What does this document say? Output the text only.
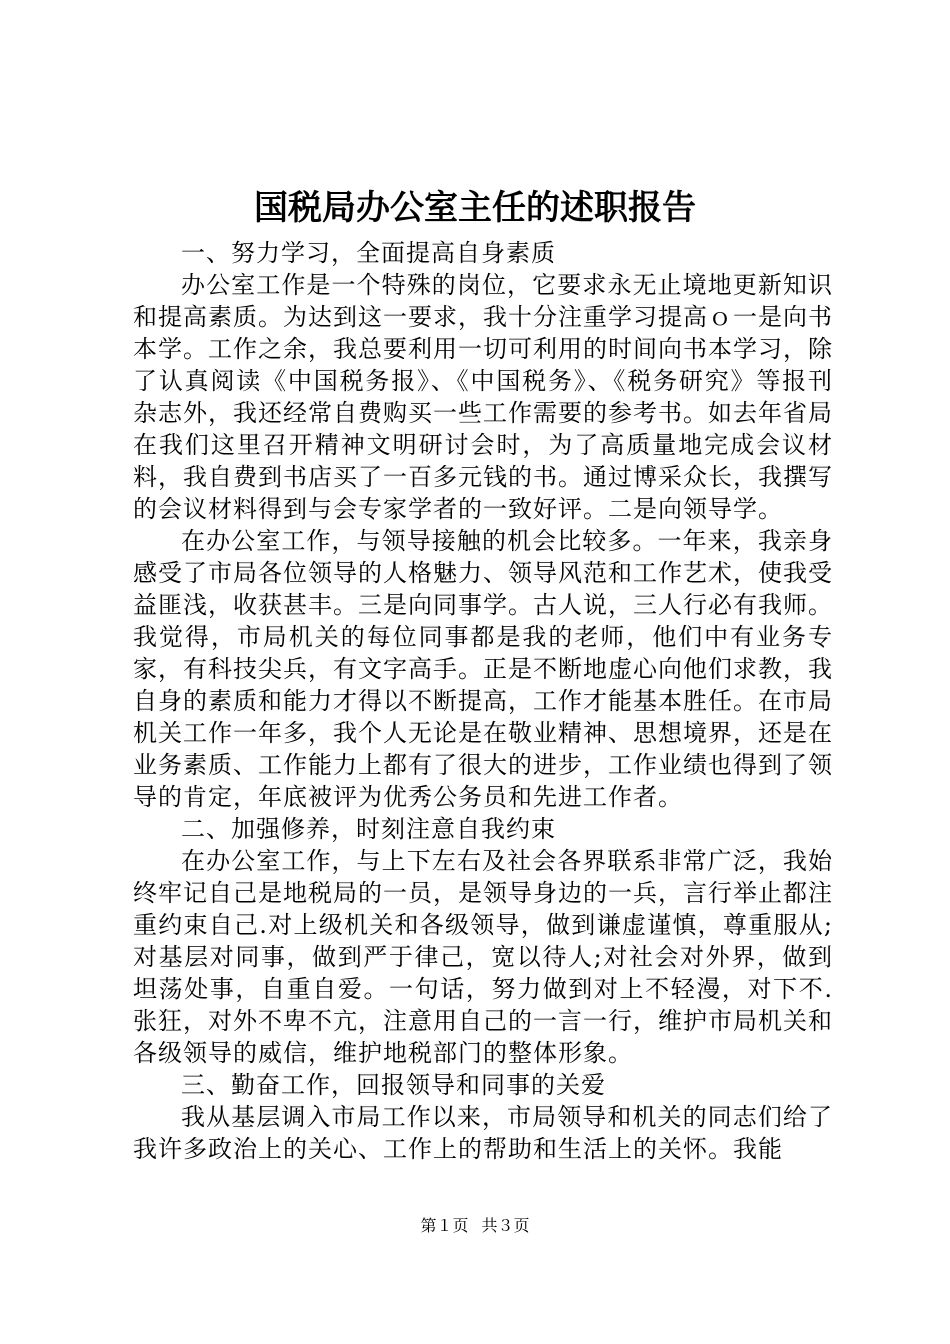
国税局办公室主任的述职报告

一、努力学习，全面提高自身素质

办公室工作是一个特殊的岗位，它要求永无止境地更新知识和提高素质。为达到这一要求，我十分注重学习提高ｏ一是向书本学。工作之余，我总要利用一切可利用的时间向书本学习，除了认真阅读《中国税务报》、《中国税务》、《税务研究》等报刊杂志外，我还经常自费购买一些工作需要的参考书。如去年省局在我们这里召开精神文明研讨会时，为了高质量地完成会议材料，我自费到书店买了一百多元钱的书。通过博采众长，我撰写的会议材料得到与会专家学者的一致好评。二是向领导学。

在办公室工作，与领导接触的机会比较多。一年来，我亲身感受了市局各位领导的人格魅力、领导风范和工作艺术，使我受益匪浅，收获甚丰。三是向同事学。古人说，三人行必有我师。我觉得，市局机关的每位同事都是我的老师，他们中有业务专家，有科技尖兵，有文字高手。正是不断地虚心向他们求教，我自身的素质和能力才得以不断提高，工作才能基本胜任。在市局机关工作一年多，我个人无论是在敬业精神、思想境界，还是在业务素质、工作能力上都有了很大的进步，工作业绩也得到了领导的肯定，年底被评为优秀公务员和先进工作者。

二、加强修养，时刻注意自我约束

在办公室工作，与上下左右及社会各界联系非常广泛，我始终牢记自己是地税局的一员，是领导身边的一兵，言行举止都注重约束自己.对上级机关和各级领导，做到谦虚谨慎，尊重服从;对基层对同事，做到严于律己，宽以待人;对社会对外界，做到坦荡处事，自重自爱。一句话，努力做到对上不轻漫，对下不.张狂，对外不卑不亢，注意用自己的一言一行，维护市局机关和各级领导的威信，维护地税部门的整体形象。

三、勤奋工作，回报领导和同事的关爱

我从基层调入市局工作以来，市局领导和机关的同志们给了我许多政治上的关心、工作上的帮助和生活上的关怀。我能

第１页 共３页
